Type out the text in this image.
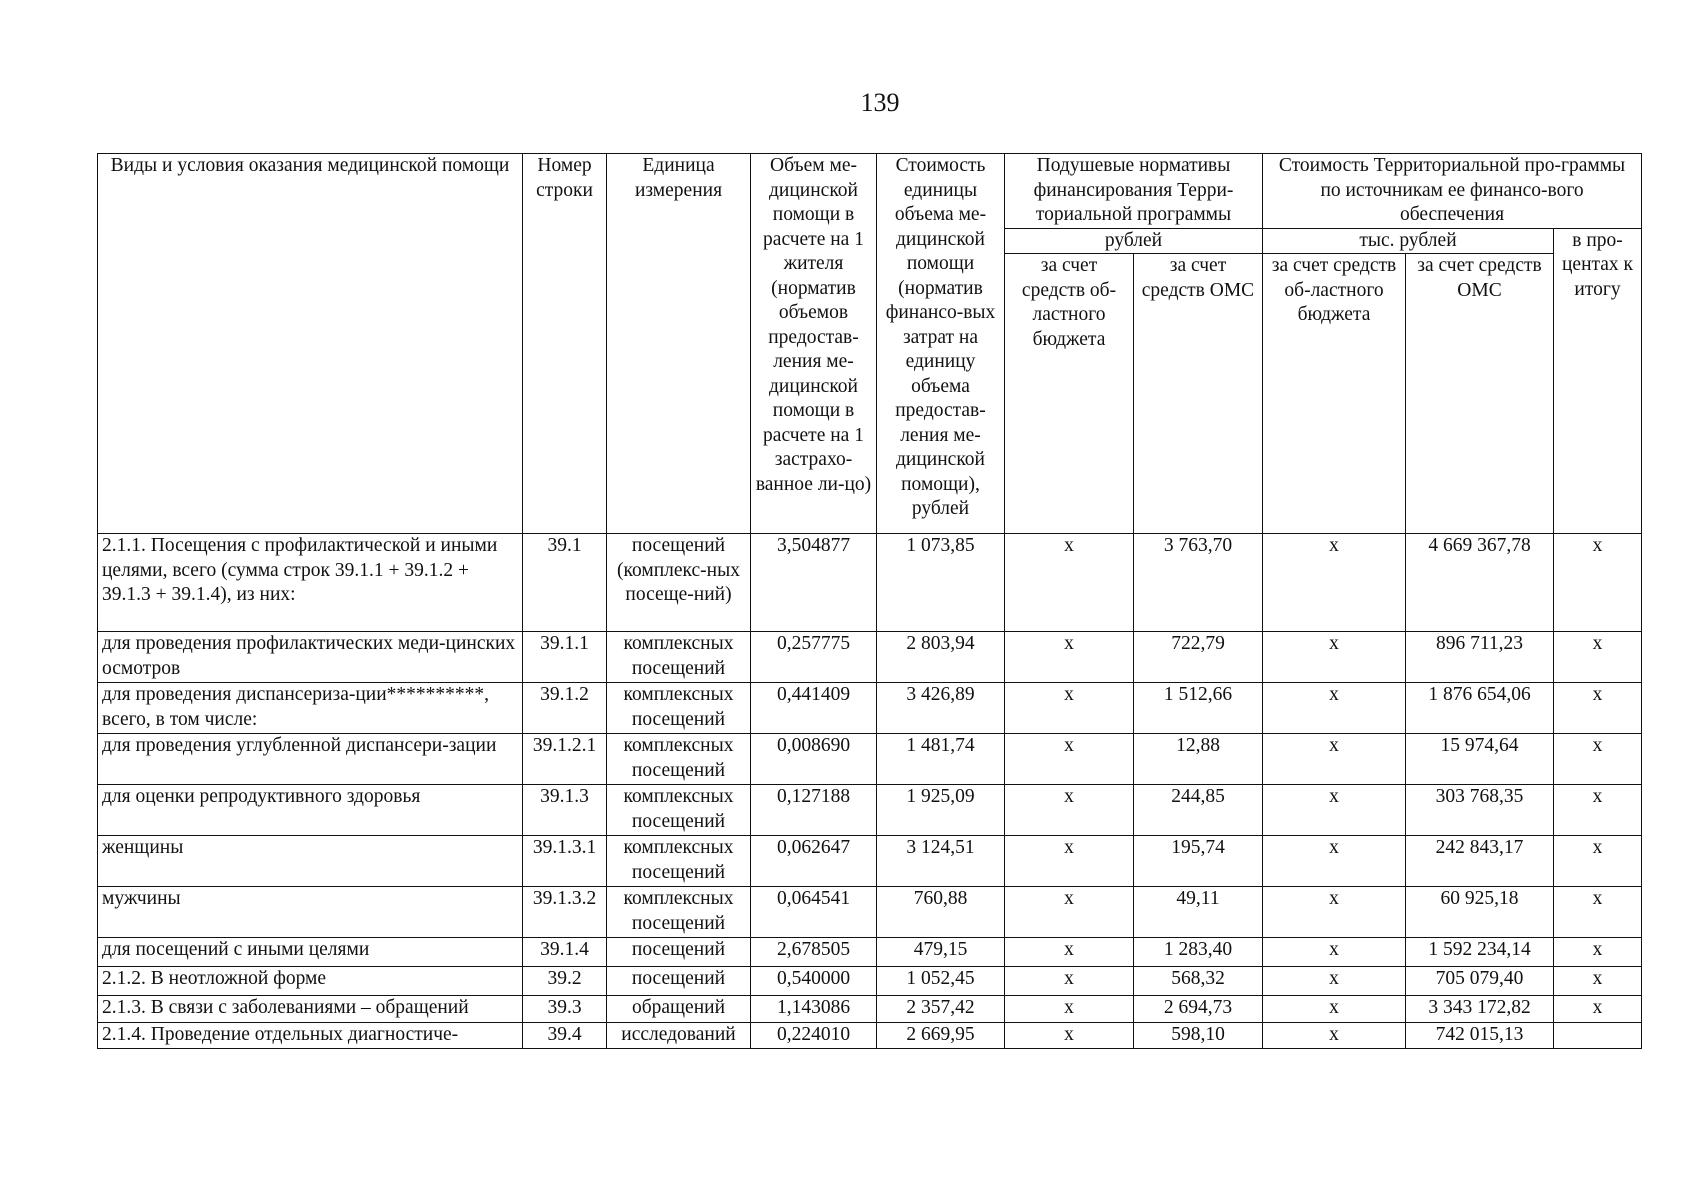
139
Виды и условия оказания медицинской помощи	Номер строки	Единица измерения	Объем ме-дицинской помощи в расчете на 1 жителя (норматив объемов предостав-ления ме-дицинской помощи в расчете на 1 застрахо-ванное ли-цо)	Стоимость единицы объема ме-дицинской помощи (норматив финансо-вых затрат на единицу объема предостав-ления ме-дицинской помощи), рублей	Подушевые нормативы финансирования Терри-ториальной программы		Стоимость Территориальной про-граммы по источникам ее финансо-вого обеспечения		
					рублей		тыс. рублей		в про-центах к итогу
					за счет средств об-ластного бюджета	за счет средств ОМС	за счет средств об-ластного бюджета	за счет средств ОМС	
2.1.1. Посещения с профилактической и иными целями, всего (сумма строк 39.1.1 + 39.1.2 + 39.1.3 + 39.1.4), из них:	39.1	посещений (комплекс-ных посеще-ний)	3,504877	1 073,85	x	3 763,70	x	4 669 367,78	x
для проведения профилактических меди-цинских осмотров	39.1.1	комплексных посещений	0,257775	2 803,94	x	722,79	x	896 711,23	x
для проведения диспансериза-ции**********, всего, в том числе:	39.1.2	комплексных посещений	0,441409	3 426,89	x	1 512,66	x	1 876 654,06	x
для проведения углубленной диспансери-зации	39.1.2.1	комплексных посещений	0,008690	1 481,74	x	12,88	x	15 974,64	x
для оценки репродуктивного здоровья	39.1.3	комплексных посещений	0,127188	1 925,09	x	244,85	x	303 768,35	x
женщины	39.1.3.1	комплексных посещений	0,062647	3 124,51	x	195,74	x	242 843,17	x
мужчины	39.1.3.2	комплексных посещений	0,064541	760,88	x	49,11	x	60 925,18	x
для посещений с иными целями	39.1.4	посещений	2,678505	479,15	x	1 283,40	x	1 592 234,14	x
2.1.2. В неотложной форме	39.2	посещений	0,540000	1 052,45	x	568,32	x	705 079,40	x
2.1.3. В связи с заболеваниями – обращений	39.3	обращений	1,143086	2 357,42	x	2 694,73	x	3 343 172,82	x
2.1.4. Проведение отдельных диагностиче-	39.4	исследований	0,224010	2 669,95	x	598,10	x	742 015,13	
